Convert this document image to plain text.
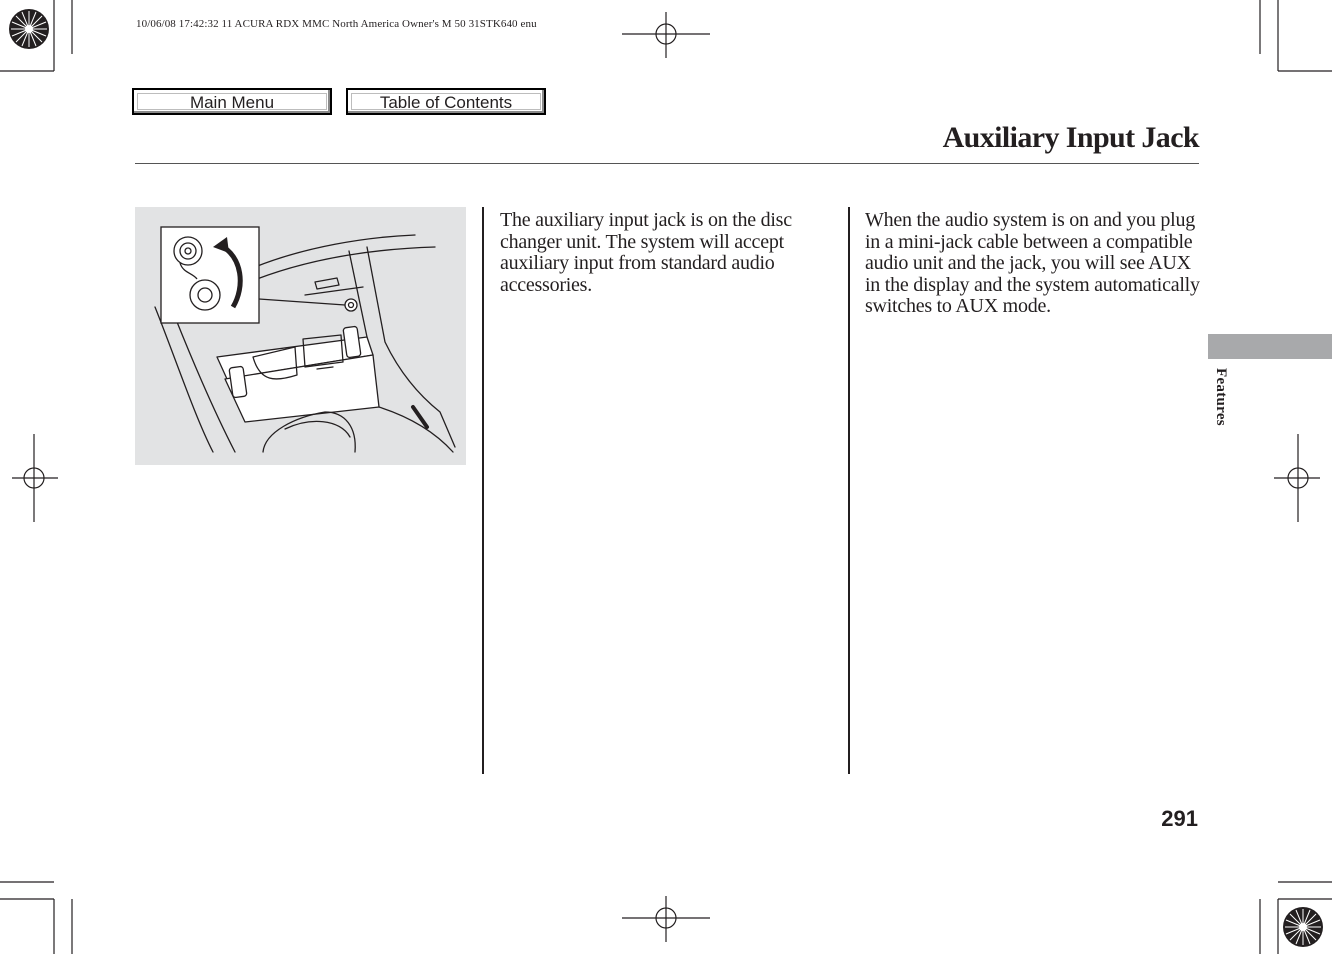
10/06/08 17:42:32 11 ACURA RDX MMC North America Owner's M 50 31STK640 enu
Main Menu	Table of Contents
Auxiliary Input Jack
The auxiliary input jack is on the disc changer unit. The system will accept auxiliary input from standard audio accessories.
When the audio system is on and you plug in a mini-jack cable between a compatible audio unit and the jack, you will see AUX in the display and the system automatically switches to AUX mode.
Features
291
